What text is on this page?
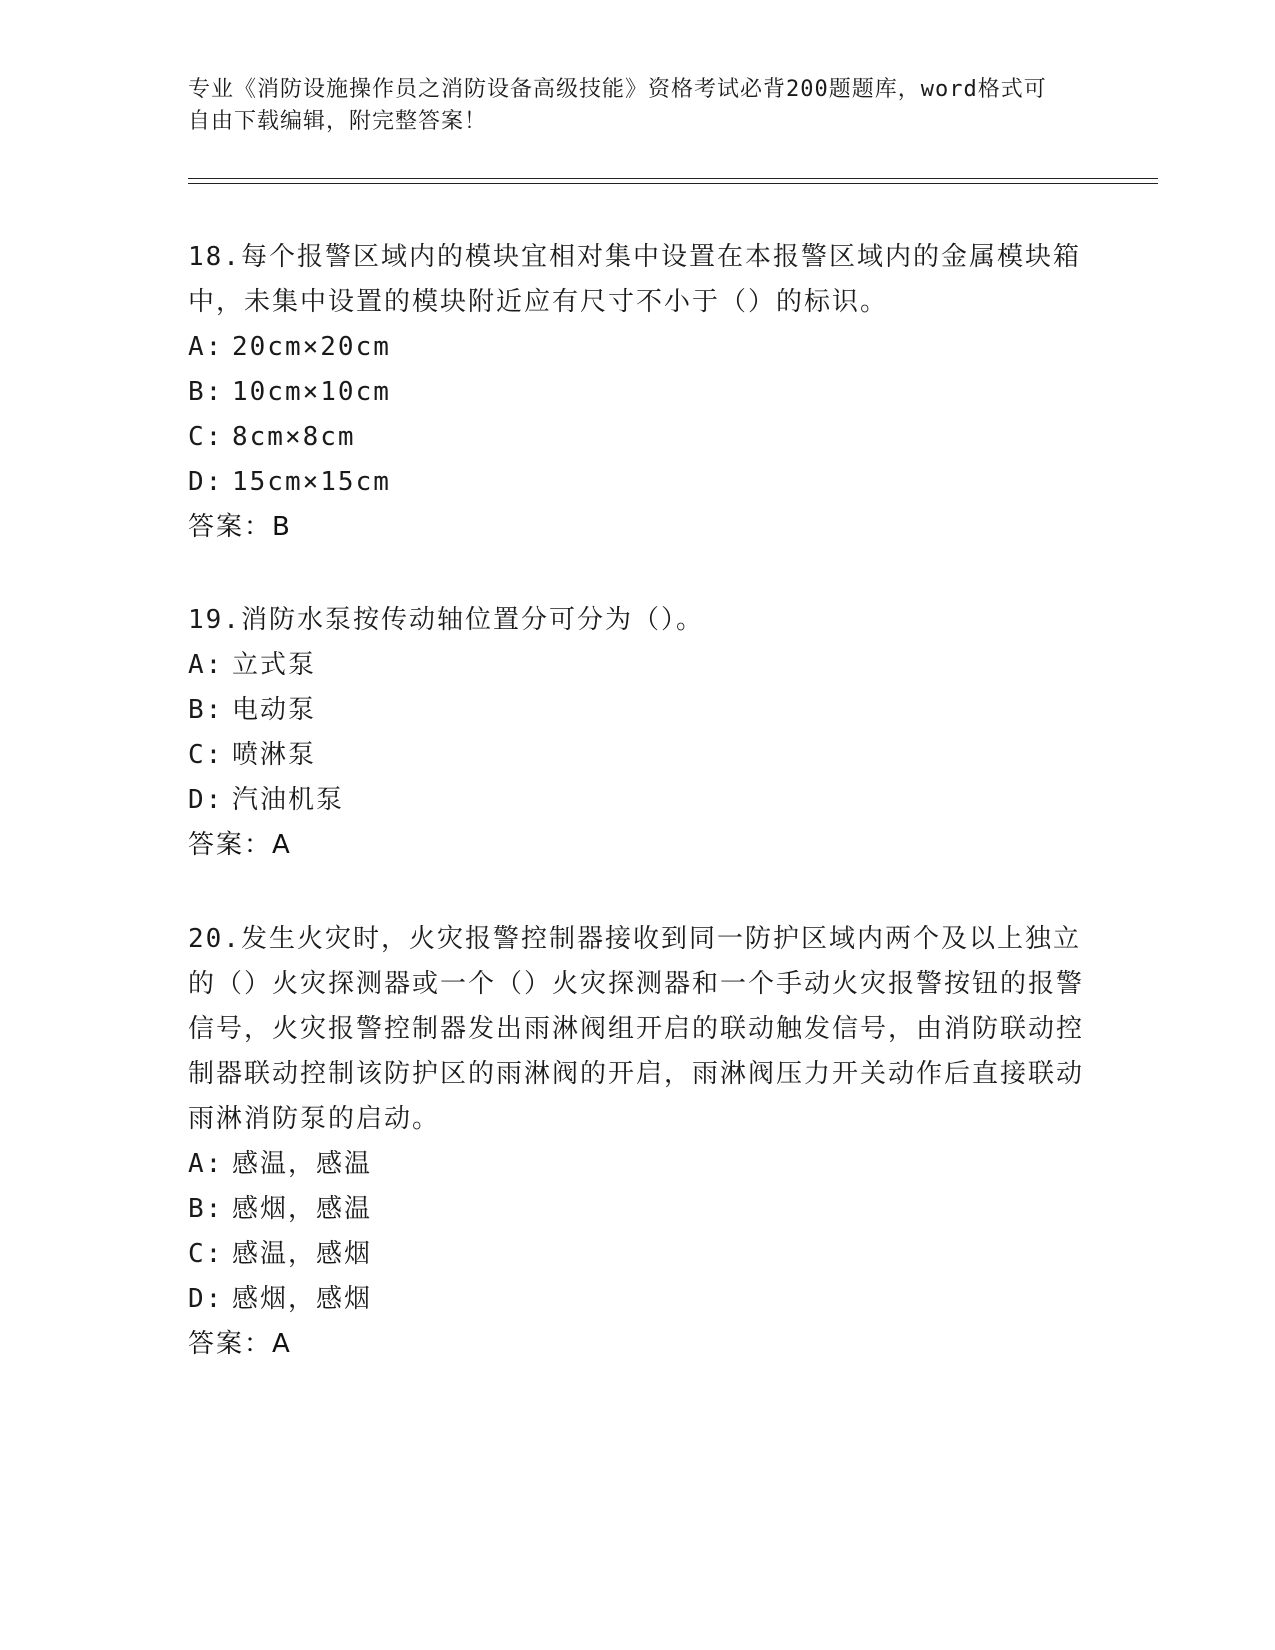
专业《消防设施操作员之消防设备高级技能》资格考试必背200题题库，word格式可自由下载编辑，附完整答案！

18.每个报警区域内的模块宜相对集中设置在本报警区域内的金属模块箱中，未集中设置的模块附近应有尺寸不小于（）的标识。

A: 20cm×20cm

B: 10cm×10cm

C: 8cm×8cm

D: 15cm×15cm

答案：B

19.消防水泵按传动轴位置分可分为（）。

A: 立式泵

B: 电动泵

C: 喷淋泵

D: 汽油机泵

答案：A

20.发生火灾时，火灾报警控制器接收到同一防护区域内两个及以上独立的（）火灾探测器或一个（）火灾探测器和一个手动火灾报警按钮的报警信号，火灾报警控制器发出雨淋阀组开启的联动触发信号，由消防联动控制器联动控制该防护区的雨淋阀的开启，雨淋阀压力开关动作后直接联动雨淋消防泵的启动。

A: 感温，感温

B: 感烟，感温

C: 感温，感烟

D: 感烟，感烟

答案：A
